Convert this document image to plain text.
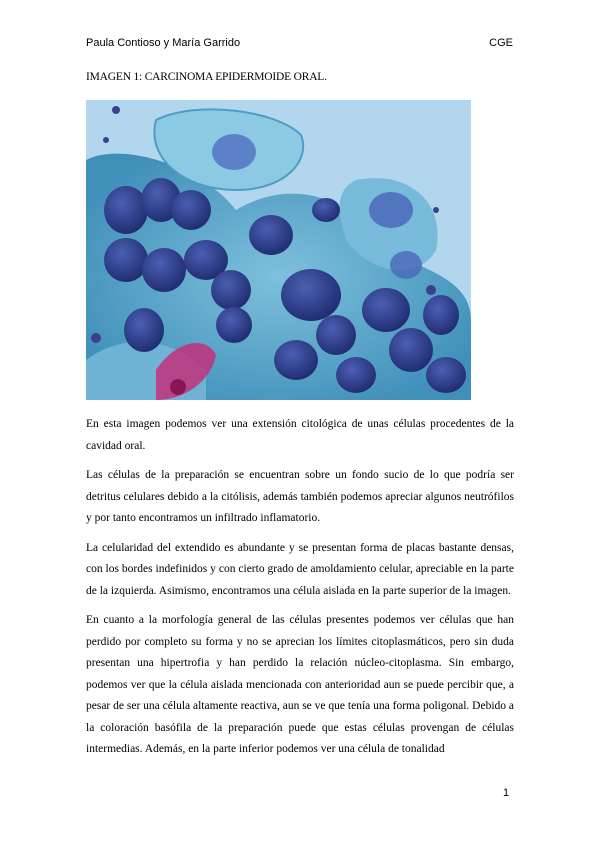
Paula Contioso y María Garrido	CGE
IMAGEN 1: CARCINOMA EPIDERMOIDE ORAL.

En esta imagen podemos ver una extensión citológica de unas células procedentes de la cavidad oral.

Las células de la preparación se encuentran sobre un fondo sucio de lo que podría ser detritus celulares debido a la citólisis, además también podemos apreciar algunos neutrófilos y por tanto encontramos un infiltrado inflamatorio.

La celularidad del extendido es abundante y se presentan forma de placas bastante densas, con los bordes indefinidos y con cierto grado de amoldamiento celular, apreciable en la parte de la izquierda. Asimismo, encontramos una célula aislada en la parte superior de la imagen.

En cuanto a la morfología general de las células presentes podemos ver células que han perdido por completo su forma y no se aprecian los límites citoplasmáticos, pero sin duda presentan una hipertrofia y han perdido la relación núcleo-citoplasma. Sin embargo, podemos ver que la célula aislada mencionada con anterioridad aun se puede percibir que, a pesar de ser una célula altamente reactiva, aun se ve que tenía una forma poligonal. Debido a la coloración basófila de la preparación puede que estas células provengan de células intermedias. Además, en la parte inferior podemos ver una célula de tonalidad

1
